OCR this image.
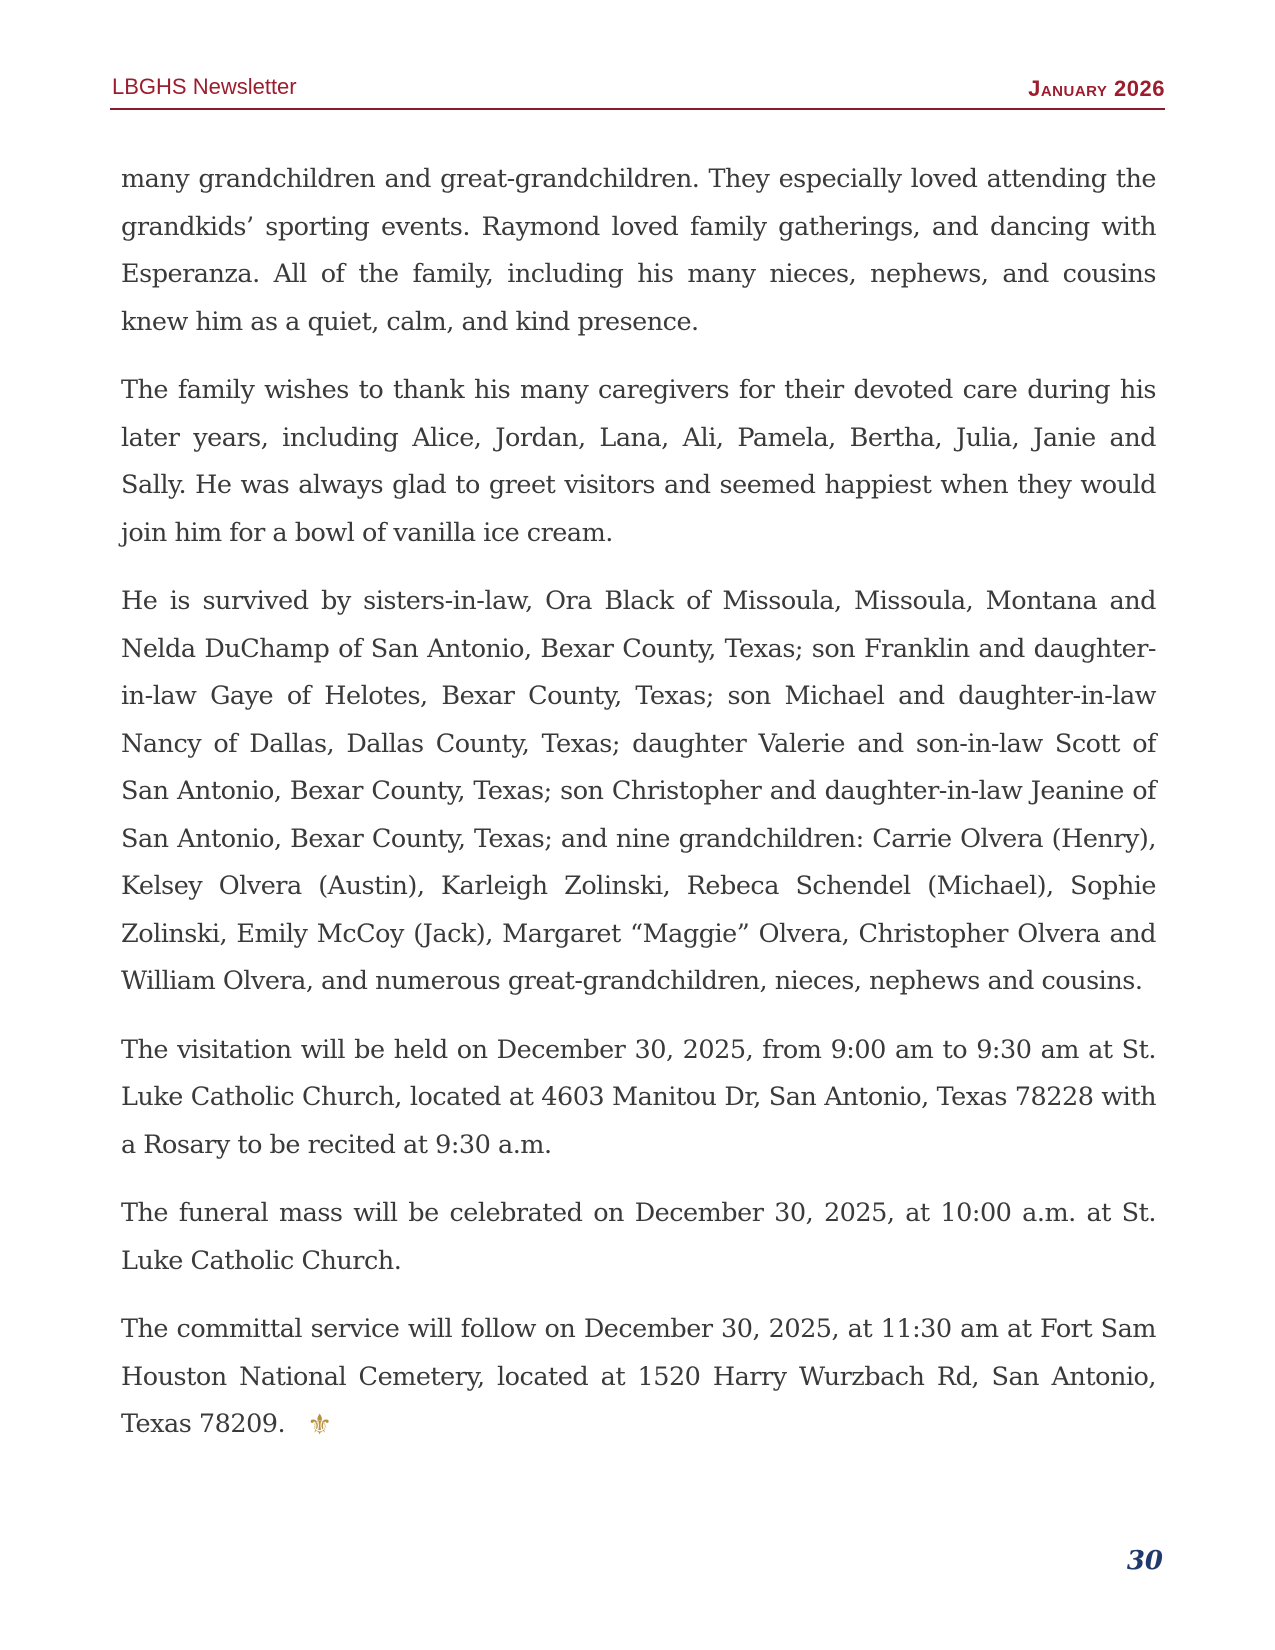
LBGHS Newsletter	January 2026

many grandchildren and great-grandchildren. They especially loved attending the grandkids’ sporting events. Raymond loved family gatherings, and dancing with Esperanza. All of the family, including his many nieces, nephews, and cousins knew him as a quiet, calm, and kind presence.

The family wishes to thank his many caregivers for their devoted care during his later years, including Alice, Jordan, Lana, Ali, Pamela, Bertha, Julia, Janie and Sally. He was always glad to greet visitors and seemed happiest when they would join him for a bowl of vanilla ice cream.

He is survived by sisters-in-law, Ora Black of Missoula, Missoula, Montana and Nelda DuChamp of San Antonio, Bexar County, Texas; son Franklin and daughter-in-law Gaye of Helotes, Bexar County, Texas; son Michael and daughter-in-law Nancy of Dallas, Dallas County, Texas; daughter Valerie and son-in-law Scott of San Antonio, Bexar County, Texas; son Christopher and daughter-in-law Jeanine of San Antonio, Bexar County, Texas; and nine grandchildren: Carrie Olvera (Henry), Kelsey Olvera (Austin), Karleigh Zolinski, Rebeca Schendel (Michael), Sophie Zolinski, Emily McCoy (Jack), Margaret “Maggie” Olvera, Christopher Olvera and William Olvera, and numerous great-grandchildren, nieces, nephews and cousins.

The visitation will be held on December 30, 2025, from 9:00 am to 9:30 am at St. Luke Catholic Church, located at 4603 Manitou Dr, San Antonio, Texas 78228 with a Rosary to be recited at 9:30 a.m.

The funeral mass will be celebrated on December 30, 2025, at 10:00 a.m. at St. Luke Catholic Church.

The committal service will follow on December 30, 2025, at 11:30 am at Fort Sam Houston National Cemetery, located at 1520 Harry Wurzbach Rd, San Antonio, Texas 78209. ⚜

30
